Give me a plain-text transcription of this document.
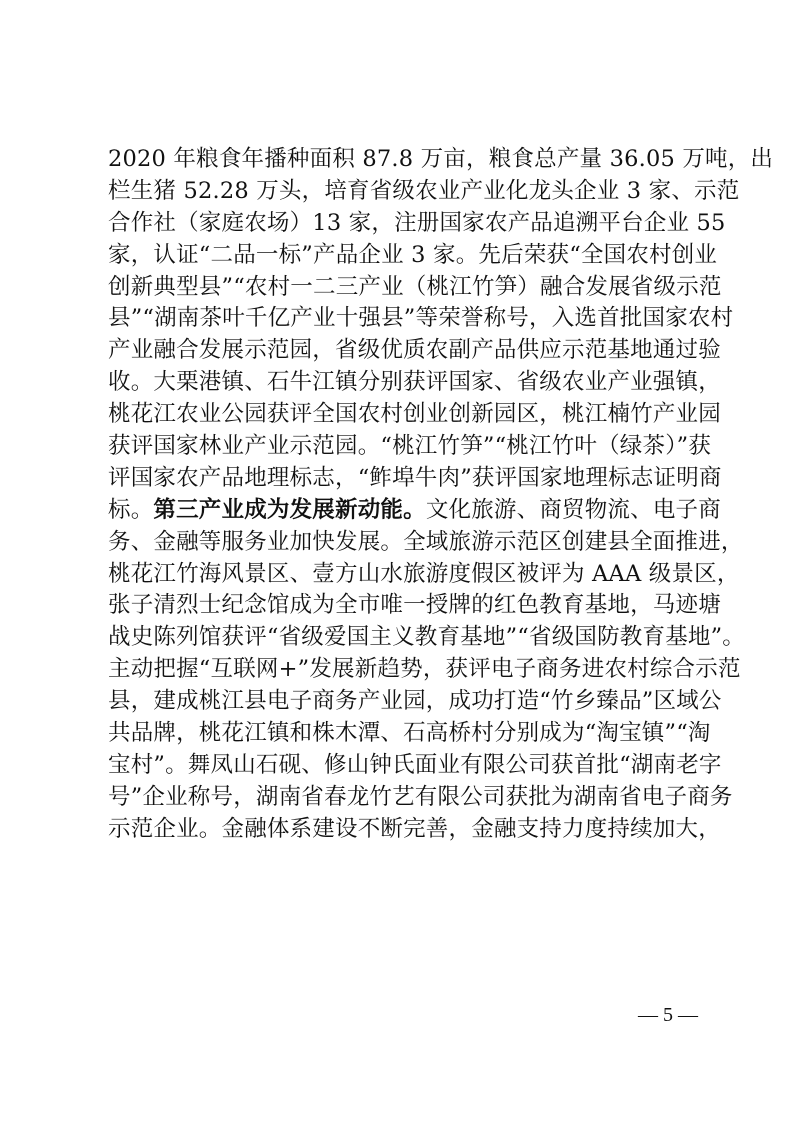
2020 年粮食年播种面积 87.8 万亩，粮食总产量 36.05 万吨，出
栏生猪 52.28 万头，培育省级农业产业化龙头企业 3 家、示范
合作社（家庭农场）13 家，注册国家农产品追溯平台企业 55
家，认证“二品一标”产品企业 3 家。先后荣获“全国农村创业
创新典型县”“农村一二三产业（桃江竹笋）融合发展省级示范
县”“湖南茶叶千亿产业十强县”等荣誉称号，入选首批国家农村
产业融合发展示范园，省级优质农副产品供应示范基地通过验
收。大栗港镇、石牛江镇分别获评国家、省级农业产业强镇，
桃花江农业公园获评全国农村创业创新园区，桃江楠竹产业园
获评国家林业产业示范园。“桃江竹笋”“桃江竹叶（绿茶）”获
评国家农产品地理标志，“鲊埠牛肉”获评国家地理标志证明商
标。第三产业成为发展新动能。文化旅游、商贸物流、电子商
务、金融等服务业加快发展。全域旅游示范区创建县全面推进，
桃花江竹海风景区、壹方山水旅游度假区被评为 AAA 级景区，
张子清烈士纪念馆成为全市唯一授牌的红色教育基地，马迹塘
战史陈列馆获评“省级爱国主义教育基地”“省级国防教育基地”。
主动把握“互联网+”发展新趋势，获评电子商务进农村综合示范
县，建成桃江县电子商务产业园，成功打造“竹乡臻品”区域公
共品牌，桃花江镇和株木潭、石高桥村分别成为“淘宝镇”“淘
宝村”。舞凤山石砚、修山钟氏面业有限公司获首批“湖南老字
号”企业称号，湖南省春龙竹艺有限公司获批为湖南省电子商务
示范企业。金融体系建设不断完善，金融支持力度持续加大，
— 5 —
